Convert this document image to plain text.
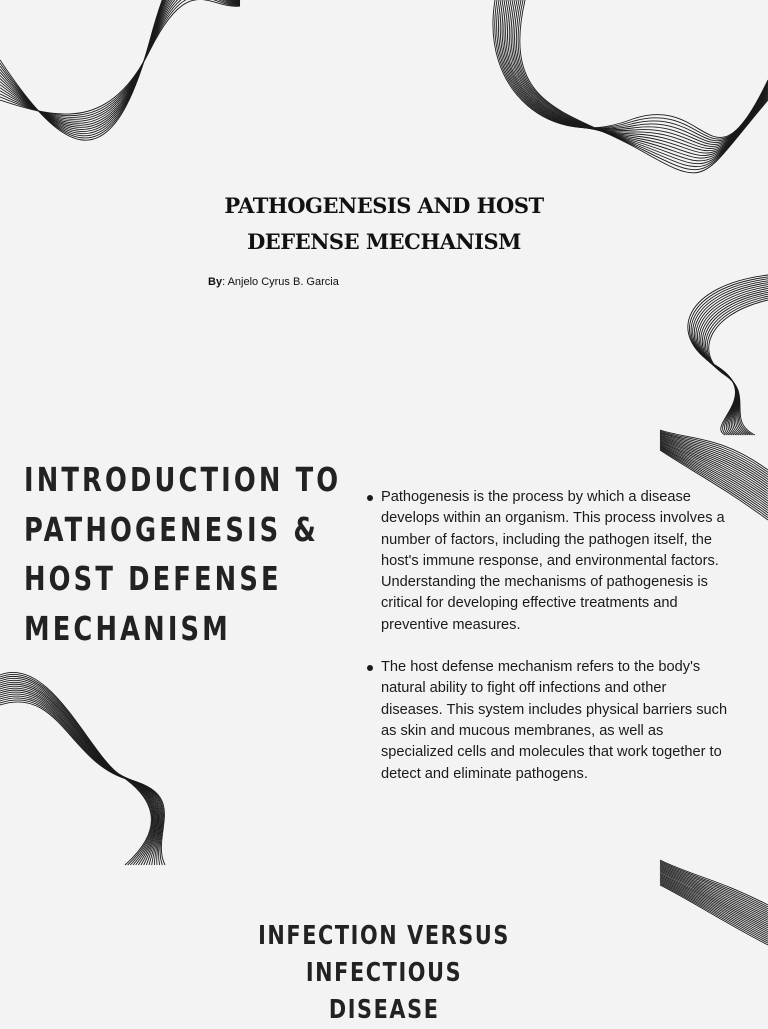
PATHOGENESIS AND HOST
DEFENSE MECHANISM
By: Anjelo Cyrus B. Garcia
INTRODUCTION TO
PATHOGENESIS &
HOST DEFENSE
MECHANISM
Pathogenesis is the process by which a disease develops within an organism. This process involves a number of factors, including the pathogen itself, the host's immune response, and environmental factors. Understanding the mechanisms of pathogenesis is critical for developing effective treatments and preventive measures.
The host defense mechanism refers to the body's natural ability to fight off infections and other diseases. This system includes physical barriers such as skin and mucous membranes, as well as specialized cells and molecules that work together to detect and eliminate pathogens.
INFECTION VERSUS INFECTIOUS
DISEASE
